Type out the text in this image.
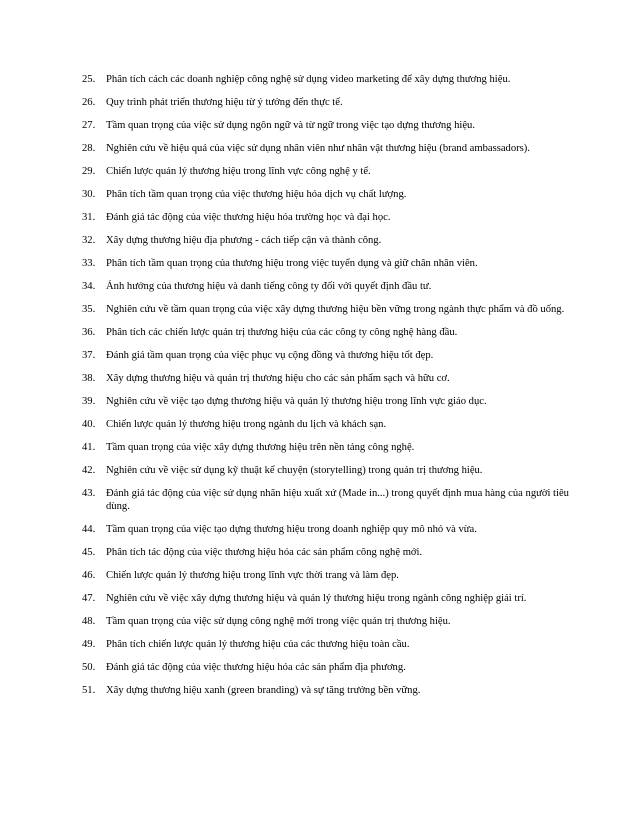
25.	Phân tích cách các doanh nghiệp công nghệ sử dụng video marketing để xây dựng thương hiệu.
26.	Quy trình phát triển thương hiệu từ ý tưởng đến thực tế.
27.	Tầm quan trọng của việc sử dụng ngôn ngữ và từ ngữ trong việc tạo dựng thương hiệu.
28.	Nghiên cứu về hiệu quả của việc sử dụng nhân viên như nhân vật thương hiệu (brand ambassadors).
29.	Chiến lược quản lý thương hiệu trong lĩnh vực công nghệ y tế.
30.	Phân tích tầm quan trọng của việc thương hiệu hóa dịch vụ chất lượng.
31.	Đánh giá tác động của việc thương hiệu hóa trường học và đại học.
32.	Xây dựng thương hiệu địa phương - cách tiếp cận và thành công.
33.	Phân tích tầm quan trọng của thương hiệu trong việc tuyển dụng và giữ chân nhân viên.
34.	Ảnh hưởng của thương hiệu và danh tiếng công ty đối với quyết định đầu tư.
35.	Nghiên cứu về tầm quan trọng của việc xây dựng thương hiệu bền vững trong ngành thực phẩm và đồ uống.
36.	Phân tích các chiến lược quản trị thương hiệu của các công ty công nghệ hàng đầu.
37.	Đánh giá tầm quan trọng của việc phục vụ cộng đồng và thương hiệu tốt đẹp.
38.	Xây dựng thương hiệu và quản trị thương hiệu cho các sản phẩm sạch và hữu cơ.
39.	Nghiên cứu về việc tạo dựng thương hiệu và quản lý thương hiệu trong lĩnh vực giáo dục.
40.	Chiến lược quản lý thương hiệu trong ngành du lịch và khách sạn.
41.	Tầm quan trọng của việc xây dựng thương hiệu trên nền tảng công nghệ.
42.	Nghiên cứu về việc sử dụng kỹ thuật kể chuyện (storytelling) trong quản trị thương hiệu.
43.	Đánh giá tác động của việc sử dụng nhãn hiệu xuất xứ (Made in...) trong quyết định mua hàng của người tiêu dùng.
44.	Tầm quan trọng của việc tạo dựng thương hiệu trong doanh nghiệp quy mô nhỏ và vừa.
45.	Phân tích tác động của việc thương hiệu hóa các sản phẩm công nghệ mới.
46.	Chiến lược quản lý thương hiệu trong lĩnh vực thời trang và làm đẹp.
47.	Nghiên cứu về việc xây dựng thương hiệu và quản lý thương hiệu trong ngành công nghiệp giải trí.
48.	Tầm quan trọng của việc sử dụng công nghệ mới trong việc quản trị thương hiệu.
49.	Phân tích chiến lược quản lý thương hiệu của các thương hiệu toàn cầu.
50.	Đánh giá tác động của việc thương hiệu hóa các sản phẩm địa phương.
51.	Xây dựng thương hiệu xanh (green branding) và sự tăng trưởng bền vững.
